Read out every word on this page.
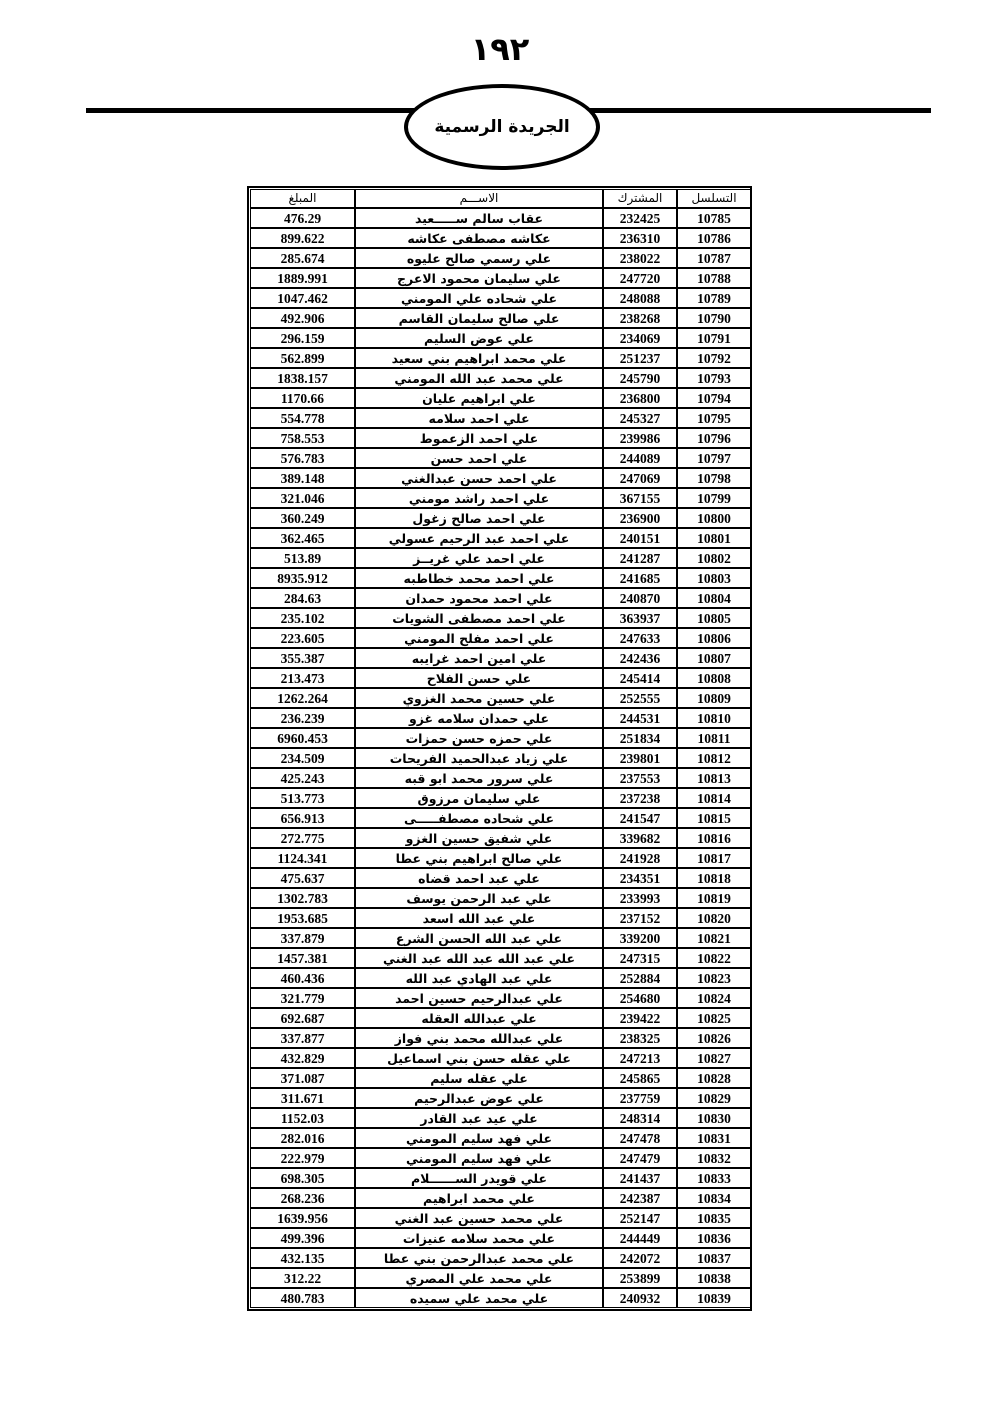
١٩٢
الجريدة الرسمية
التسلسل	المشترك	الاســـم	المبلغ
10785	232425	عقاب سالم ســـــعيد	476.29
10786	236310	عكاشه مصطفى عكاشه	899.622
10787	238022	علي رسمي صالح عليوه	285.674
10788	247720	علي سليمان محمود الاعرج	1889.991
10789	248088	علي شحاده علي المومني	1047.462
10790	238268	علي صالح سليمان القاسم	492.906
10791	234069	علي عوض السليم	296.159
10792	251237	علي محمد ابراهيم بني سعيد	562.899
10793	245790	علي محمد عبد الله المومني	1838.157
10794	236800	علي ابراهيم عليان	1170.66
10795	245327	علي احمد سلامه	554.778
10796	239986	علي احمد الزعموط	758.553
10797	244089	علي احمد حسن	576.783
10798	247069	علي احمد حسن عبدالغني	389.148
10799	367155	علي احمد راشد مومني	321.046
10800	236900	علي احمد صالح زغول	360.249
10801	240151	علي احمد عبد الرحيم عسولي	362.465
10802	241287	علي احمد علي غريــز	513.89
10803	241685	علي احمد محمد خطاطبه	8935.912
10804	240870	علي احمد محمود حمدان	284.63
10805	363937	علي احمد مصطفى الشويات	235.102
10806	247633	علي احمد مفلح المومني	223.605
10807	242436	علي امين احمد غرايبه	355.387
10808	245414	علي حسن الفلاح	213.473
10809	252555	علي حسين محمد الغزوي	1262.264
10810	244531	علي حمدان سلامه غزو	236.239
10811	251834	علي حمزه حسن حمزات	6960.453
10812	239801	علي زياد عبدالحميد الفريحات	234.509
10813	237553	علي سرور محمد ابو قبه	425.243
10814	237238	علي سليمان مرزوق	513.773
10815	241547	علي شحاده مصطفـــــى	656.913
10816	339682	علي شفيق حسين الغزو	272.775
10817	241928	علي صالح ابراهيم بني عطا	1124.341
10818	234351	علي عبد احمد قضاه	475.637
10819	233993	علي عبد الرحمن يوسف	1302.783
10820	237152	علي عبد الله اسعد	1953.685
10821	339200	علي عبد الله الحسن الشرع	337.879
10822	247315	علي عبد الله عبد الله عبد الغني	1457.381
10823	252884	علي عبد الهادي عبد الله	460.436
10824	254680	علي عبدالرحيم حسين احمد	321.779
10825	239422	علي عبدالله العقله	692.687
10826	238325	علي عبدالله محمد بني فواز	337.877
10827	247213	علي عقله حسن بني اسماعيل	432.829
10828	245865	علي عقله سليم	371.087
10829	237759	علي عوض عبدالرحيم	311.671
10830	248314	علي عيد عبد القادر	1152.03
10831	247478	علي فهد سليم المومني	282.016
10832	247479	علي فهد سليم المومني	222.979
10833	241437	علي قويدر الســــــلام	698.305
10834	242387	علي محمد ابراهيم	268.236
10835	252147	علي محمد حسين عبد الغني	1639.956
10836	244449	علي محمد سلامه عنيزات	499.396
10837	242072	علي محمد عبدالرحمن بني عطا	432.135
10838	253899	علي محمد علي المصري	312.22
10839	240932	علي محمد علي سميده	480.783
